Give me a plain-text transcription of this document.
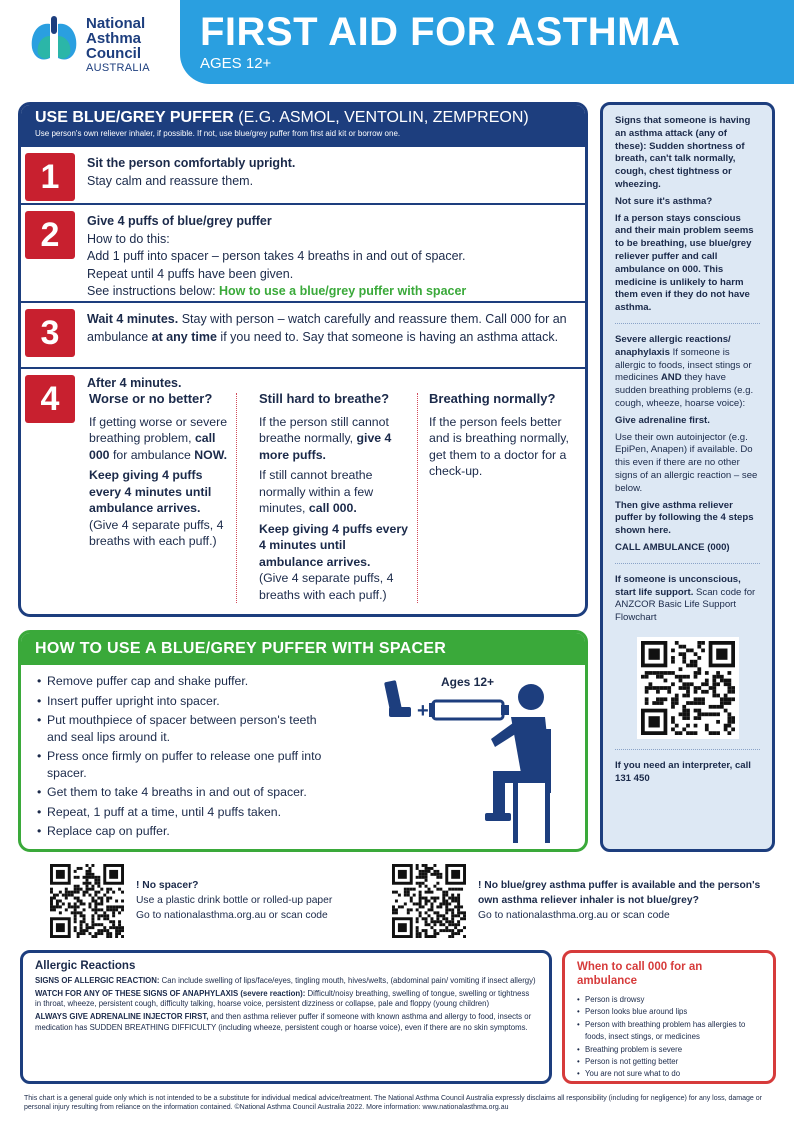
National
Asthma
Council
AUSTRALIA
FIRST AID FOR ASTHMA
AGES 12+
USE BLUE/GREY PUFFER (E.G. ASMOL, VENTOLIN, ZEMPREON)
Use person's own reliever inhaler, if possible. If not, use blue/grey puffer from first aid kit or borrow one.
1	Sit the person comfortably upright.
Stay calm and reassure them.
2	Give 4 puffs of blue/grey puffer
How to do this:
Add 1 puff into spacer – person takes 4 breaths in and out of spacer.
Repeat until 4 puffs have been given.
See instructions below: How to use a blue/grey puffer with spacer
3	Wait 4 minutes. Stay with person – watch carefully and reassure them. Call 000 for an ambulance at any time if you need to. Say that someone is having an asthma attack.
4	After 4 minutes.
Worse or no better?
If getting worse or severe breathing problem, call 000 for ambulance NOW.
Keep giving 4 puffs every 4 minutes until ambulance arrives.
(Give 4 separate puffs, 4 breaths with each puff.)
Still hard to breathe?
If the person still cannot breathe normally, give 4 more puffs.
If still cannot breathe normally within a few minutes, call 000.
Keep giving 4 puffs every 4 minutes until ambulance arrives.
(Give 4 separate puffs, 4 breaths with each puff.)
Breathing normally?
If the person feels better and is breathing normally, get them to a doctor for a check-up.
HOW TO USE A BLUE/GREY PUFFER WITH SPACER
• Remove puffer cap and shake puffer.
• Insert puffer upright into spacer.
• Put mouthpiece of spacer between person's teeth and seal lips around it.
• Press once firmly on puffer to release one puff into spacer.
• Get them to take 4 breaths in and out of spacer.
• Repeat, 1 puff at a time, until 4 puffs taken.
• Replace cap on puffer.
Ages 12+
+

Signs that someone is having an asthma attack (any of these): Sudden shortness of breath, can't talk normally, cough, chest tightness or wheezing.

Not sure it's asthma?

If a person stays conscious and their main problem seems to be breathing, use blue/grey reliever puffer and call ambulance on 000. This medicine is unlikely to harm them even if they do not have asthma.

Severe allergic reactions/ anaphylaxis If someone is allergic to foods, insect stings or medicines AND they have sudden breathing problems (e.g. cough, wheeze, hoarse voice):

Give adrenaline first.

Use their own autoinjector (e.g. EpiPen, Anapen) if available. Do this even if there are no other signs of an allergic reaction – see below.

Then give asthma reliever puffer by following the 4 steps shown here.

CALL AMBULANCE (000)

If someone is unconscious, start life support. Scan code for ANZCOR Basic Life Support Flowchart

If you need an interpreter, call 131 450

! No spacer?
Use a plastic drink bottle or rolled-up paper
Go to nationalasthma.org.au or scan code
! No blue/grey asthma puffer is available and the person's own asthma reliever inhaler is not blue/grey?
Go to nationalasthma.org.au or scan code
Allergic Reactions

SIGNS OF ALLERGIC REACTION: Can include swelling of lips/face/eyes, tingling mouth, hives/welts, (abdominal pain/ vomiting if insect allergy)

WATCH FOR ANY OF THESE SIGNS OF ANAPHYLAXIS (severe reaction): Difficult/noisy breathing, swelling of tongue, swelling or tightness in throat, wheeze, persistent cough, difficulty talking, hoarse voice, persistent dizziness or collapse, pale and floppy (young children)

ALWAYS GIVE ADRENALINE INJECTOR FIRST, and then asthma reliever puffer if someone with known asthma and allergy to food, insects or medication has SUDDEN BREATHING DIFFICULTY (including wheeze, persistent cough or hoarse voice), even if there are no skin symptoms.

When to call 000 for an ambulance
• Person is drowsy
• Person looks blue around lips
• Person with breathing problem has allergies to foods, insect stings, or medicines
• Breathing problem is severe
• Person is not getting better
• You are not sure what to do
This chart is a general guide only which is not intended to be a substitute for individual medical advice/treatment. The National Asthma Council Australia expressly disclaims all responsibility (including for negligence) for any loss, damage or personal injury resulting from reliance on the information contained. ©National Asthma Council Australia 2022. More information: www.nationalasthma.org.au
